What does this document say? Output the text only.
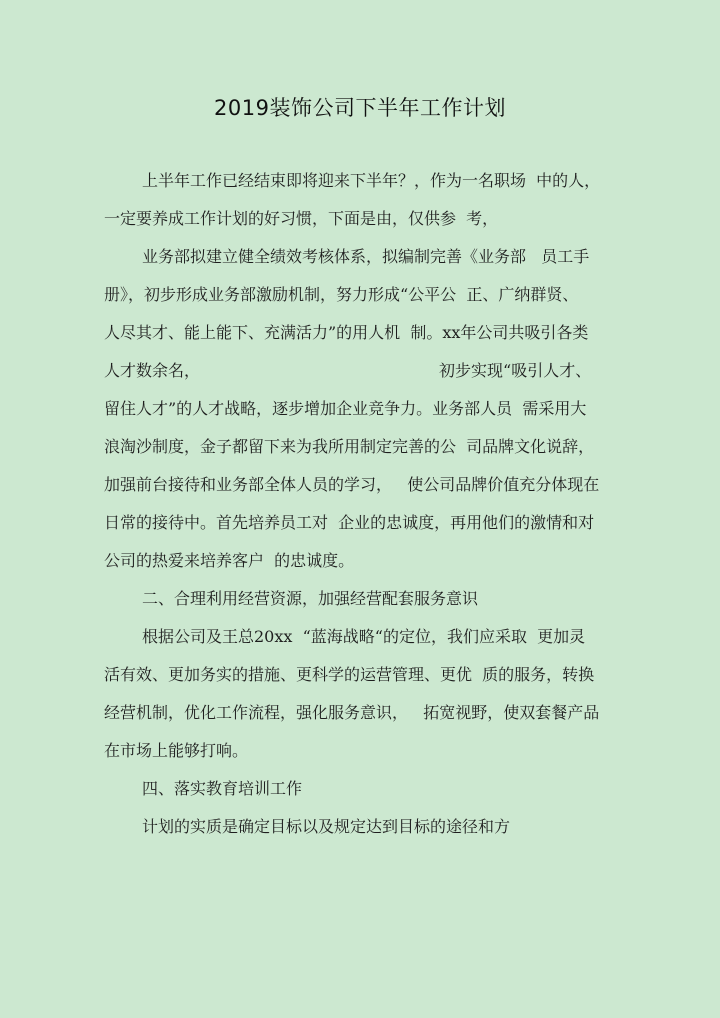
2019装饰公司下半年工作计划
上半年工作已经结束即将迎来下半年？，作为一名职场  中的人，
一定要养成工作计划的好习惯，下面是由，仅供参  考，
业务部拟建立健全绩效考核体系，拟编制完善《业务部   员工手
册》，初步形成业务部激励机制，努力形成“公平公  正、广纳群贤、
人尽其才、能上能下、充满活力”的用人机  制。xx年公司共吸引各类
人才数余名，                                               初步实现“吸引人才、
留住人才”的人才战略，逐步增加企业竞争力。业务部人员  需采用大
浪淘沙制度，金子都留下来为我所用制定完善的公  司品牌文化说辞，
加强前台接待和业务部全体人员的学习，   使公司品牌价值充分体现在
日常的接待中。首先培养员工对  企业的忠诚度，再用他们的激情和对
公司的热爱来培养客户  的忠诚度。
二、合理利用经营资源，加强经营配套服务意识
根据公司及王总20xx  “蓝海战略“的定位，我们应采取  更加灵
活有效、更加务实的措施、更科学的运营管理、更优  质的服务，转换
经营机制，优化工作流程，强化服务意识，   拓宽视野，使双套餐产品
在市场上能够打响。
四、落实教育培训工作
计划的实质是确定目标以及规定达到目标的途径和方
